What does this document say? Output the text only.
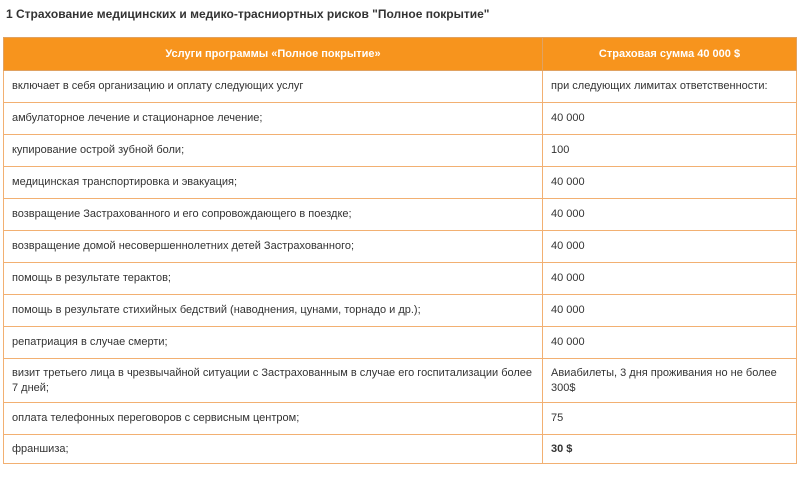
1 Страхование медицинских и медико-трасниортных рисков "Полное покрытие"
Услуги программы «Полное покрытие»	Страховая сумма 40 000 $
включает в себя организацию и оплату следующих услуг	при следующих лимитах ответственности:
амбулаторное лечение и стационарное лечение;	40 000
купирование острой зубной боли;	100
медицинская транспортировка и эвакуация;	40 000
возвращение Застрахованного и его сопровождающего в поездке;	40 000
возвращение домой несовершеннолетних детей Застрахованного;	40 000
помощь в результате терактов;	40 000
помощь в результате стихийных бедствий (наводнения, цунами, торнадо и др.);	40 000
репатриация в случае смерти;	40 000
визит третьего лица в чрезвычайной ситуации с Застрахованным в случае его госпитализации более 7 дней;	Авиабилеты, 3 дня проживания но не более 300$
оплата телефонных переговоров с сервисным центром;	75
франшиза;	30 $
